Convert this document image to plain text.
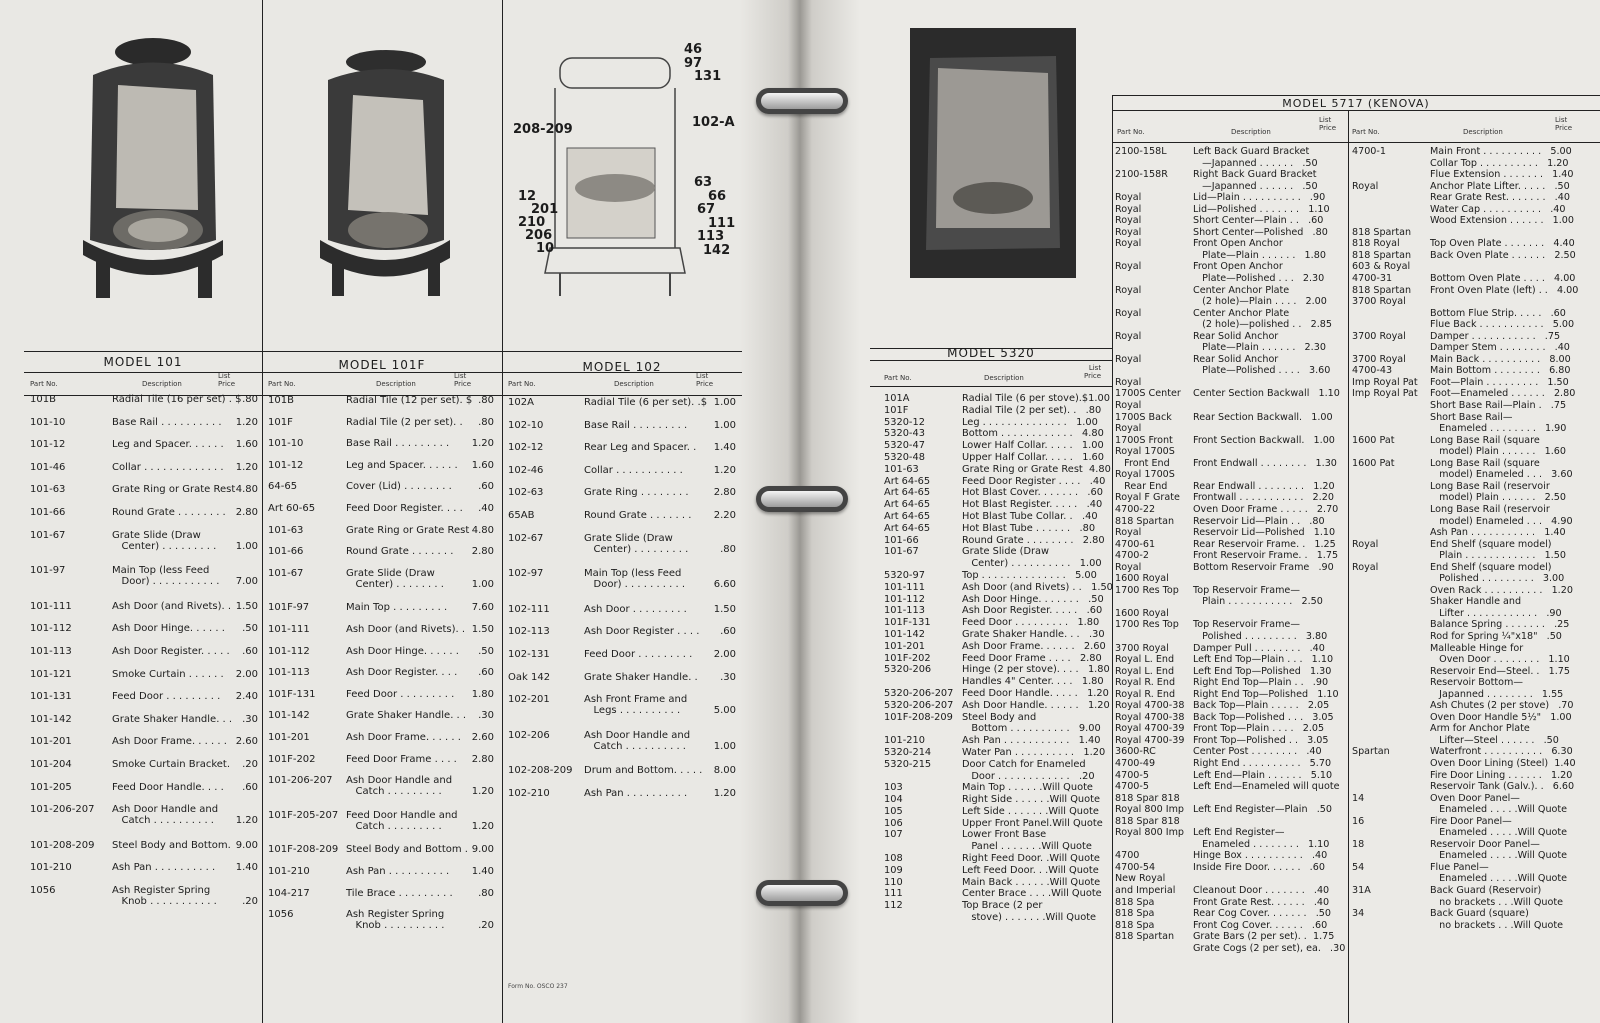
46
97
131
102-A
208-209
63
66
67
111
113
142
12
201
210
206
10
MODEL 101	MODEL 101F	MODEL 102
Part No.	Description
List
Price
101B	Radial Tile (16 per set) . $ .80
101-10	Base Rail . . . . . . . . . .	1.20
101-12	Leg and Spacer. . . . . .	1.60
101-46	Collar . . . . . . . . . . . . .	1.20
101-63	Grate Ring or Grate Rest 4.80
101-66	Round Grate . . . . . . . . 2.80
101-67	Grate Slide (Draw
Center) . . . . . . . . .	1.00
101-97	Main Top (less Feed
Door) . . . . . . . . . . .	7.00
101-111	Ash Door (and Rivets). . 1.50
101-112	Ash Door Hinge. . . . . .	.50
101-113	Ash Door Register. . . . .	.60
101-121	Smoke Curtain . . . . . .	2.00
101-131	Feed Door . . . . . . . . .	2.40
101-142	Grate Shaker Handle. . .	.30
101-201	Ash Door Frame. . . . . . 2.60
101-204	Smoke Curtain Bracket.	.20
101-205	Feed Door Handle. . . .	.60
101-206-207 Ash Door Handle and
Catch . . . . . . . . . .	1.20
101-208-209 Steel Body and Bottom. 9.00
101-210	Ash Pan . . . . . . . . . .	1.40
1056	Ash Register Spring
Knob . . . . . . . . . . .	.20
Part No.	Description
List
Price
101B	Radial Tile (12 per set). $ .80
101F	Radial Tile (2 per set). .	.80
101-10	Base Rail . . . . . . . . .	1.20
101-12	Leg and Spacer. . . . . .	1.60
64-65	Cover (Lid) . . . . . . . .	.60
Art 60-65	Feed Door Register. . . .	.40
101-63	Grate Ring or Grate Rest 4.80
101-66	Round Grate . . . . . . .	2.80
101-67	Grate Slide (Draw
Center) . . . . . . . .	1.00
101F-97	Main Top . . . . . . . . .	7.60
101-111	Ash Door (and Rivets). . 1.50
101-112	Ash Door Hinge. . . . . .	.50
101-113	Ash Door Register. . . .	.60
101F-131	Feed Door . . . . . . . . .	1.80
101-142	Grate Shaker Handle. . .	.30
101-201	Ash Door Frame. . . . . .	2.60
101F-202	Feed Door Frame . . . .	2.80
101-206-207 Ash Door Handle and
Catch . . . . . . . . .	1.20
101F-205-207 Feed Door Handle and
Catch . . . . . . . . .	1.20
101F-208-209 Steel Body and Bottom . 9.00
101-210	Ash Pan . . . . . . . . . .	1.40
104-217	Tile Brace . . . . . . . . .	.80
1056	Ash Register Spring
Knob . . . . . . . . . .	.20
Part No.	Description
List
Price
102A	Radial Tile (6 per set). .$ 1.00
102-10	Base Rail . . . . . . . . .	1.00
102-12	Rear Leg and Spacer. .	1.40
102-46	Collar . . . . . . . . . . .	1.20
102-63	Grate Ring . . . . . . . .	2.80
65AB	Round Grate . . . . . . .	2.20
102-67	Grate Slide (Draw
Center) . . . . . . . . .	.80
102-97	Main Top (less Feed
Door) . . . . . . . . . .	6.60
102-111	Ash Door . . . . . . . . .	1.50
102-113	Ash Door Register . . . .	.60
102-131	Feed Door . . . . . . . . .	2.00
Oak 142	Grate Shaker Handle. .	.30
102-201	Ash Front Frame and
Legs . . . . . . . . . .	5.00
102-206	Ash Door Handle and
Catch . . . . . . . . . .	1.00
102-208-209 Drum and Bottom. . . . .	8.00
102-210	Ash Pan . . . . . . . . . .	1.20
Form No. OSCO 237
MODEL 5320
MODEL 5717 (KENOVA)
Part No.	Description
List
Price
Part No.	Description
List
Price Part No.	Description
List
Price
101A	Radial Tile (6 per stove).$1.00
101F	Radial Tile (2 per set). .   .80
5320-12	Leg . . . . . . . . . . . . . .   1.00
5320-43	Bottom . . . . . . . . . . . .   4.80
5320-47	Lower Half Collar. . . . .   1.00
5320-48	Upper Half Collar. . . . .   1.60
101-63	Grate Ring or Grate Rest  4.80
Art 64-65	Feed Door Register . . . .   .40
Art 64-65	Hot Blast Cover. . . . . . .   .60
Art 64-65	Hot Blast Register. . . . .   .40
Art 64-65	Hot Blast Tube Collar. .   .40
Art 64-65	Hot Blast Tube . . . . . .   .80
101-66	Round Grate . . . . . . . .   2.80
101-67	Grate Slide (Draw
	Center) . . . . . . . . . .   1.00
5320-97	Top . . . . . . . . . . . . . .   5.00
101-111	Ash Door (and Rivets) . .   1.50
101-112	Ash Door Hinge. . . . . . .   .50
101-113	Ash Door Register. . . . .   .60
101F-131	Feed Door . . . . . . . . .   1.80
101-142	Grate Shaker Handle. . .   .30
101-201	Ash Door Frame. . . . . .   2.60
101F-202	Feed Door Frame . . . .   2.80
5320-206	Hinge (2 per stove). . . .   1.80
	Handles 4" Center. . . .   1.80
5320-206-207	Feed Door Handle. . . . .   1.20
5320-206-207	Ash Door Handle. . . . . .   1.20
101F-208-209	Steel Body and
	Bottom . . . . . . . . . .   9.00
101-210	Ash Pan . . . . . . . . . . .   1.40
5320-214	Water Pan . . . . . . . . . .   1.20
5320-215	Door Catch for Enameled
	Door . . . . . . . . . . . .   .20
103	Main Top . . . . . .Will Quote
104	Right Side . . . . . .Will Quote
105	Left Side . . . . . . .Will Quote
106	Upper Front Panel.Will Quote
107	Lower Front Base
	Panel . . . . . . .Will Quote
108	Right Feed Door. .Will Quote
109	Left Feed Door. . .Will Quote
110	Main Back . . . . . .Will Quote
111	Center Brace . . . .Will Quote
112	Top Brace (2 per
	stove) . . . . . . .Will Quote
2100-158L	Left Back Guard Bracket
	—Japanned . . . . . .   .50
2100-158R	Right Back Guard Bracket
	—Japanned . . . . . .   .50
Royal	Lid—Plain . . . . . . . . . .   .90
Royal	Lid—Polished . . . . . . .   1.10
Royal	Short Center—Plain . .   .60
Royal	Short Center—Polished   .80
Royal	Front Open Anchor
	Plate—Plain . . . . . .   1.80
Royal	Front Open Anchor
	Plate—Polished . . .   2.30
Royal	Center Anchor Plate
	(2 hole)—Plain . . . .   2.00
Royal	Center Anchor Plate
	(2 hole)—polished . .   2.85
Royal	Rear Solid Anchor
	Plate—Plain . . . . . .   2.30
Royal	Rear Solid Anchor
	Plate—Polished . . . .   3.60
Royal
1700S Center	Center Section Backwall   1.10
Royal
1700S Back	Rear Section Backwall.   1.00
Royal
1700S Front	Front Section Backwall.   1.00
Royal 1700S
Front End	Front Endwall . . . . . . . .   1.30
Royal 1700S
Rear End	Rear Endwall . . . . . . . .   1.20
Royal F Grate	Frontwall . . . . . . . . . . .   2.20
4700-22	Oven Door Frame . . . . .   2.70
818 Spartan	Reservoir Lid—Plain . .   .80
Royal	Reservoir Lid—Polished   1.10
4700-61	Rear Reservoir Frame. .   1.25
4700-2	Front Reservoir Frame. .   1.75
Royal	Bottom Reservoir Frame   .90
1600 Royal
1700 Res Top	Top Reservoir Frame—
	Plain . . . . . . . . . . .   2.50
1600 Royal
1700 Res Top	Top Reservoir Frame—
	Polished . . . . . . . . .   3.80
3700 Royal	Damper Pull . . . . . . . .   .40
Royal L. End	Left End Top—Plain . . .   1.10
Royal L. End	Left End Top—Polished   1.30
Royal R. End	Right End Top—Plain . .   .90
Royal R. End	Right End Top—Polished   1.10
Royal 4700-38	Back Top—Plain . . . . .   2.05
Royal 4700-38	Back Top—Polished . . .   3.05
Royal 4700-39	Front Top—Plain . . . .   2.05
Royal 4700-39	Front Top—Polished . .   3.05
3600-RC	Center Post . . . . . . . .   .40
4700-49	Right End . . . . . . . . . .   5.70
4700-5	Left End—Plain . . . . . .   5.10
4700-5	Left End—Enameled will quote
818 Spar 818
Royal 800 Imp	Left End Register—Plain   .50
818 Spar 818
Royal 800 Imp	Left End Register—
	Enameled . . . . . . . .   1.10
4700	Hinge Box . . . . . . . . . .   .40
4700-54	Inside Fire Door. . . . . .   .60
New Royal
and Imperial	Cleanout Door . . . . . . .   .40
818 Spa	Front Grate Rest. . . . . .   .40
818 Spa	Rear Cog Cover. . . . . . .   .50
818 Spa	Front Cog Cover. . . . . .   .60
818 Spartan	Grate Bars (2 per set). .  1.75
	Grate Cogs (2 per set), ea.   .30
4700-1	Main Front . . . . . . . . . .   5.00
	Collar Top . . . . . . . . . .   1.20
	Flue Extension . . . . . . .   1.40
Royal	Anchor Plate Lifter. . . . .   .50
	Rear Grate Rest. . . . . . .   .40
	Water Cap . . . . . . . . . .   .40
	Wood Extension . . . . . .   1.00
818 Spartan
818 Royal	Top Oven Plate . . . . . . .   4.40
818 Spartan	Back Oven Plate . . . . . .   2.50
603 & Royal
4700-31	Bottom Oven Plate . . . .   4.00
818 Spartan	Front Oven Plate (left) . .   4.00
3700 Royal
	Bottom Flue Strip. . . . .   .60
	Flue Back . . . . . . . . . . .   5.00
3700 Royal	Damper . . . . . . . . . . .   .75
	Damper Stem . . . . . . . .   .40
3700 Royal	Main Back . . . . . . . . . .   8.00
4700-43	Main Bottom . . . . . . . .   6.80
Imp Royal Pat	Foot—Plain . . . . . . . . .   1.50
Imp Royal Pat	Foot—Enameled . . . . . .   2.80
	Short Base Rail—Plain .   .75
	Short Base Rail—
	Enameled . . . . . . . .   1.90
1600 Pat	Long Base Rail (square
	model) Plain . . . . . .   1.60
1600 Pat	Long Base Rail (square
	model) Enameled . . .   3.60
	Long Base Rail (reservoir
	model) Plain . . . . . .   2.50
	Long Base Rail (reservoir
	model) Enameled . . .   4.90
	Ash Pan . . . . . . . . . . .   1.40
Royal	End Shelf (square model)
	Plain . . . . . . . . . . . .   1.50
Royal	End Shelf (square model)
	Polished . . . . . . . . .   3.00
	Oven Rack . . . . . . . . . .   1.20
	Shaker Handle and
	Lifter . . . . . . . . . . . .   .90
	Balance Spring . . . . . . .   .25
	Rod for Spring ¼"x18"   .50
	Malleable Hinge for
	Oven Door . . . . . . . .   1.10
	Reservoir End—Steel. .   1.75
	Reservoir Bottom—
	Japanned . . . . . . . .   1.55
	Ash Chutes (2 per stove)   .70
	Oven Door Handle 5½"   1.00
	Arm for Anchor Plate
	Lifter—Steel . . . . . .   .50
Spartan	Waterfront . . . . . . . . . .   6.30
	Oven Door Lining (Steel)  1.40
	Fire Door Lining . . . . . .   1.20
	Reservoir Tank (Galv.). .   6.60
14	Oven Door Panel—
	Enameled . . . . .Will Quote
16	Fire Door Panel—
	Enameled . . . . .Will Quote
18	Reservoir Door Panel—
	Enameled . . . . .Will Quote
54	Flue Panel—
	Enameled . . . . .Will Quote
31A	Back Guard (Reservoir)
	no brackets . . .Will Quote
34	Back Guard (square)
	no brackets . . .Will Quote
